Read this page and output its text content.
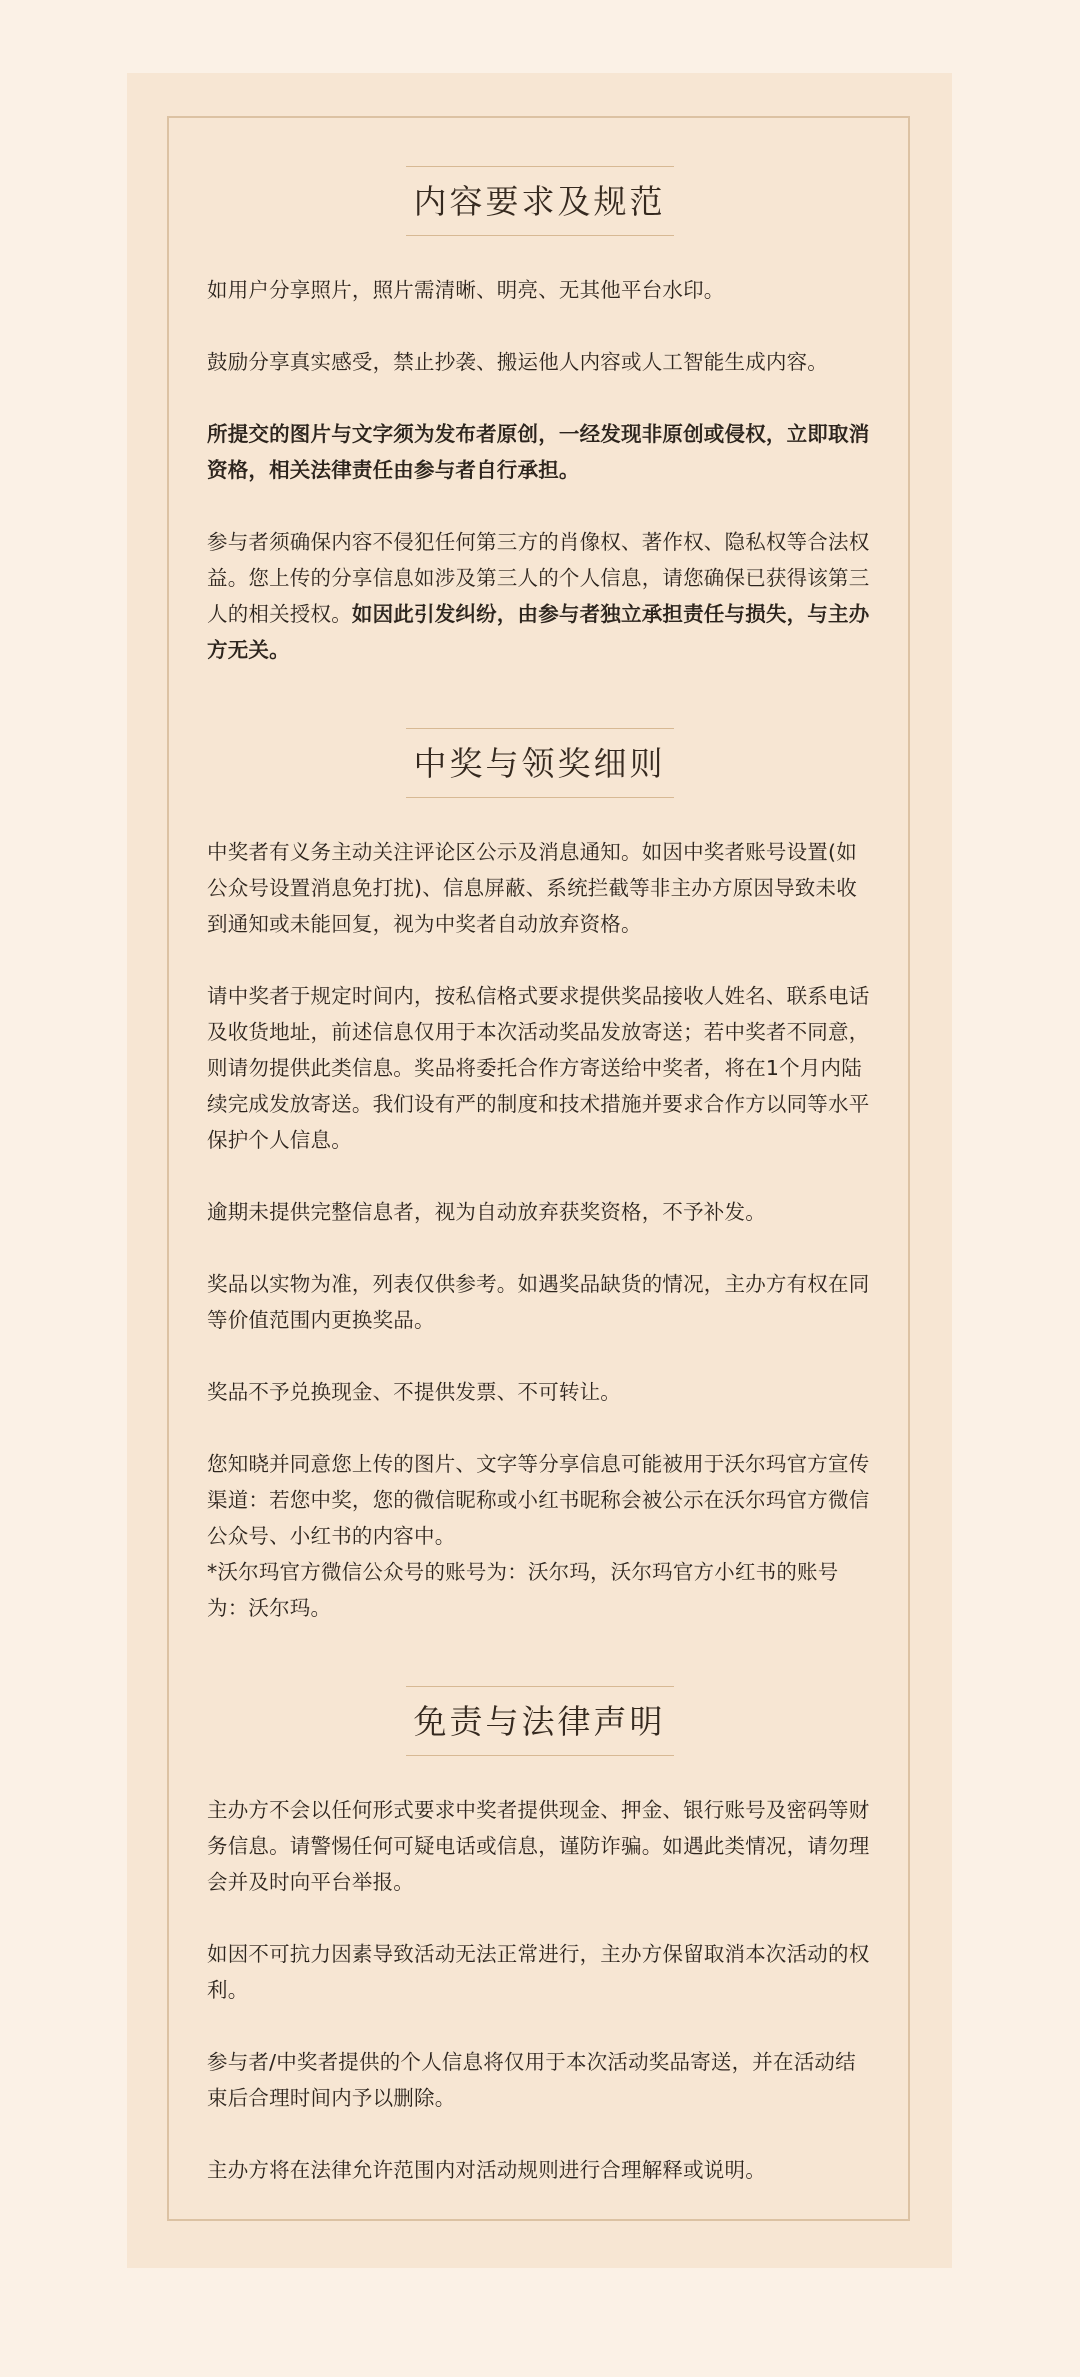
内容要求及规范

如用户分享照片，照片需清晰、明亮、无其他平台水印。

鼓励分享真实感受，禁止抄袭、搬运他人内容或人工智能生成内容。

所提交的图片与文字须为发布者原创，一经发现非原创或侵权，立即取消资格，相关法律责任由参与者自行承担。

参与者须确保内容不侵犯任何第三方的肖像权、著作权、隐私权等合法权益。您上传的分享信息如涉及第三人的个人信息，请您确保已获得该第三人的相关授权。如因此引发纠纷，由参与者独立承担责任与损失，与主办方无关。

中奖与领奖细则

中奖者有义务主动关注评论区公示及消息通知。如因中奖者账号设置(如公众号设置消息免打扰)、信息屏蔽、系统拦截等非主办方原因导致未收到通知或未能回复，视为中奖者自动放弃资格。

请中奖者于规定时间内，按私信格式要求提供奖品接收人姓名、联系电话及收货地址，前述信息仅用于本次活动奖品发放寄送；若中奖者不同意，则请勿提供此类信息。奖品将委托合作方寄送给中奖者，将在1个月内陆续完成发放寄送。我们设有严的制度和技术措施并要求合作方以同等水平保护个人信息。

逾期未提供完整信息者，视为自动放弃获奖资格，不予补发。

奖品以实物为准，列表仅供参考。如遇奖品缺货的情况，主办方有权在同等价值范围内更换奖品。

奖品不予兑换现金、不提供发票、不可转让。

您知晓并同意您上传的图片、文字等分享信息可能被用于沃尔玛官方宣传渠道：若您中奖，您的微信昵称或小红书昵称会被公示在沃尔玛官方微信公众号、小红书的内容中。

*沃尔玛官方微信公众号的账号为：沃尔玛，沃尔玛官方小红书的账号为：沃尔玛。

免责与法律声明

主办方不会以任何形式要求中奖者提供现金、押金、银行账号及密码等财务信息。请警惕任何可疑电话或信息，谨防诈骗。如遇此类情况，请勿理会并及时向平台举报。

如因不可抗力因素导致活动无法正常进行，主办方保留取消本次活动的权利。

参与者/中奖者提供的个人信息将仅用于本次活动奖品寄送，并在活动结束后合理时间内予以删除。

主办方将在法律允许范围内对活动规则进行合理解释或说明。
